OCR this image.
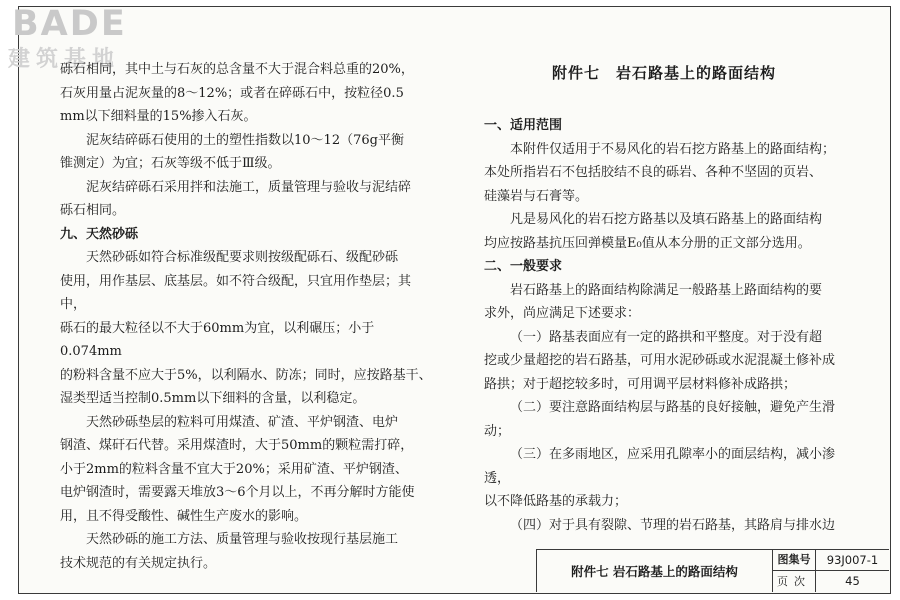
BADE
建筑基地

砾石相同，其中土与石灰的总含量不大于混合料总重的20%，

石灰用量占泥灰量的8～12%；或者在碎砾石中，按粒径0.5

mm以下细料量的15%掺入石灰。

泥灰结碎砾石使用的土的塑性指数以10～12（76g平衡

锥测定）为宜；石灰等级不低于Ⅲ级。

泥灰结碎砾石采用拌和法施工，质量管理与验收与泥结碎

砾石相同。

九、天然砂砾

天然砂砾如符合标准级配要求则按级配砾石、级配砂砾

使用，用作基层、底基层。如不符合级配，只宜用作垫层；其中，

砾石的最大粒径以不大于60mm为宜，以利碾压；小于0.074mm

的粉料含量不应大于5%，以利隔水、防冻；同时，应按路基干、

湿类型适当控制0.5mm以下细料的含量，以利稳定。

天然砂砾垫层的粒料可用煤渣、矿渣、平炉钢渣、电炉

钢渣、煤矸石代替。采用煤渣时，大于50mm的颗粒需打碎，

小于2mm的粒料含量不宜大于20%；采用矿渣、平炉钢渣、

电炉钢渣时，需要露天堆放3～6个月以上，不再分解时方能使

用，且不得受酸性、碱性生产废水的影响。

天然砂砾的施工方法、质量管理与验收按现行基层施工

技术规范的有关规定执行。

附件七　岩石路基上的路面结构

一、适用范围

本附件仅适用于不易风化的岩石挖方路基上的路面结构；

本处所指岩石不包括胶结不良的砾岩、各种不坚固的页岩、

硅藻岩与石膏等。

凡是易风化的岩石挖方路基以及填石路基上的路面结构

均应按路基抗压回弹模量E₀值从本分册的正文部分选用。

二、一般要求

岩石路基上的路面结构除满足一般路基上路面结构的要

求外，尚应满足下述要求：

（一）路基表面应有一定的路拱和平整度。对于没有超

挖或少量超挖的岩石路基，可用水泥砂砾或水泥混凝土修补成

路拱；对于超挖较多时，可用调平层材料修补成路拱；

（二）要注意路面结构层与路基的良好接触，避免产生滑

动；

（三）在多雨地区，应采用孔隙率小的面层结构，减小渗透，

以不降低路基的承载力；

（四）对于具有裂隙、节理的岩石路基，其路肩与排水边

附件七 岩石路基上的路面结构
图集号	93J007-1
页次	45
